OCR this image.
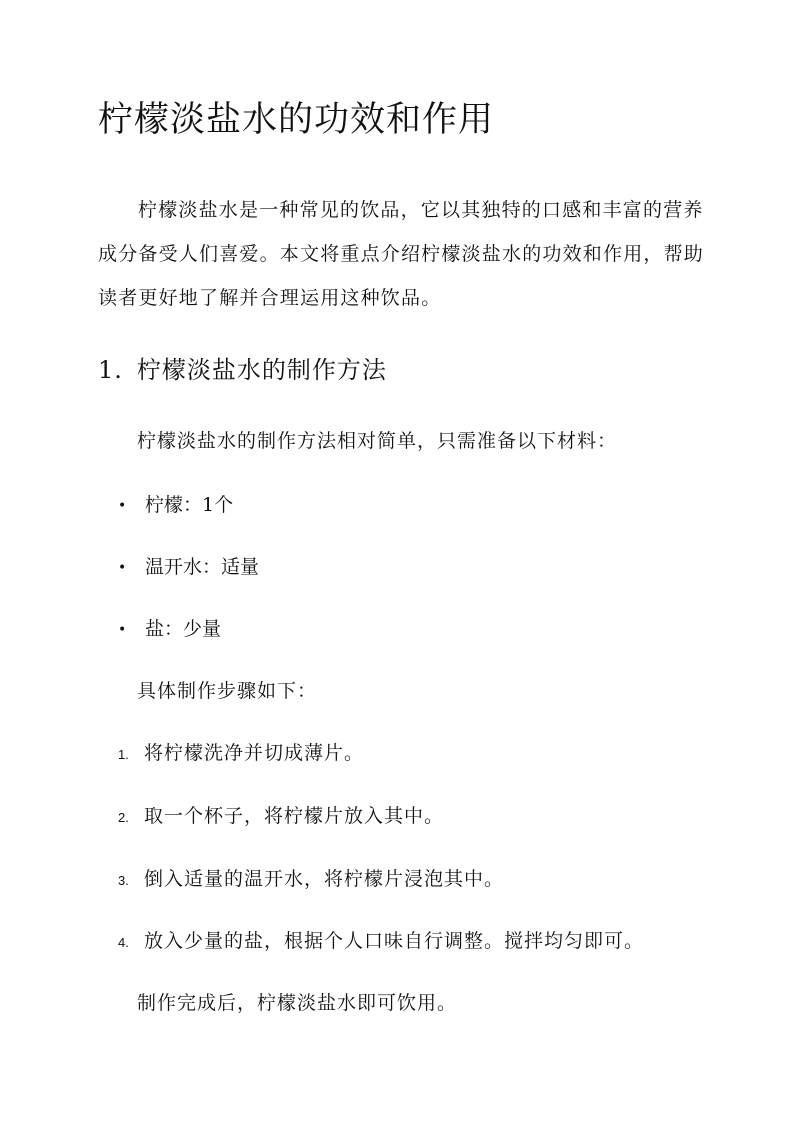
柠檬淡盐水的功效和作用

柠檬淡盐水是一种常见的饮品，它以其独特的口感和丰富的营养成分备受人们喜爱。本文将重点介绍柠檬淡盐水的功效和作用，帮助读者更好地了解并合理运用这种饮品。

1. 柠檬淡盐水的制作方法

柠檬淡盐水的制作方法相对简单，只需准备以下材料：

• 柠檬：1个
• 温开水：适量
• 盐：少量

具体制作步骤如下：

1. 将柠檬洗净并切成薄片。
2. 取一个杯子，将柠檬片放入其中。
3. 倒入适量的温开水，将柠檬片浸泡其中。
4. 放入少量的盐，根据个人口味自行调整。搅拌均匀即可。

制作完成后，柠檬淡盐水即可饮用。
